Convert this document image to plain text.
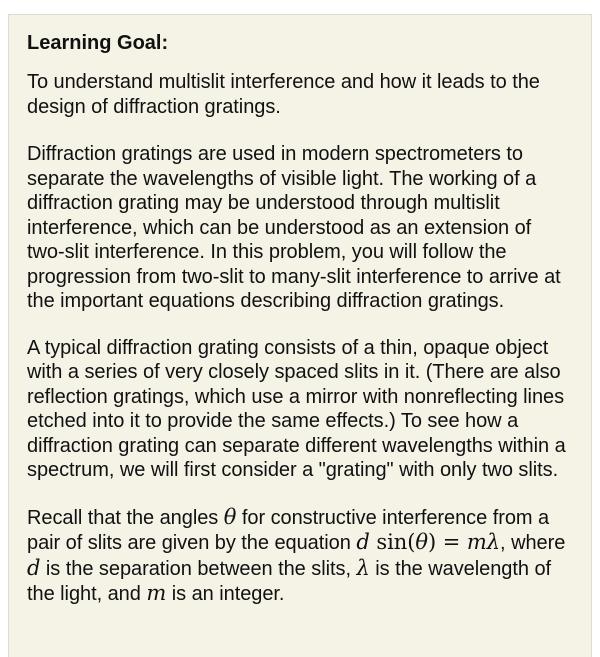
Learning Goal:
To understand multislit interference and how it leads to the design of diffraction gratings.
Diffraction gratings are used in modern spectrometers to separate the wavelengths of visible light. The working of a diffraction grating may be understood through multislit interference, which can be understood as an extension of two-slit interference. In this problem, you will follow the progression from two-slit to many-slit interference to arrive at the important equations describing diffraction gratings.
A typical diffraction grating consists of a thin, opaque object with a series of very closely spaced slits in it. (There are also reflection gratings, which use a mirror with nonreflecting lines etched into it to provide the same effects.) To see how a diffraction grating can separate different wavelengths within a spectrum, we will first consider a "grating" with only two slits.
Recall that the angles θ for constructive interference from a pair of slits are given by the equation d sin(θ) = mλ, where d is the separation between the slits, λ is the wavelength of the light, and m is an integer.
